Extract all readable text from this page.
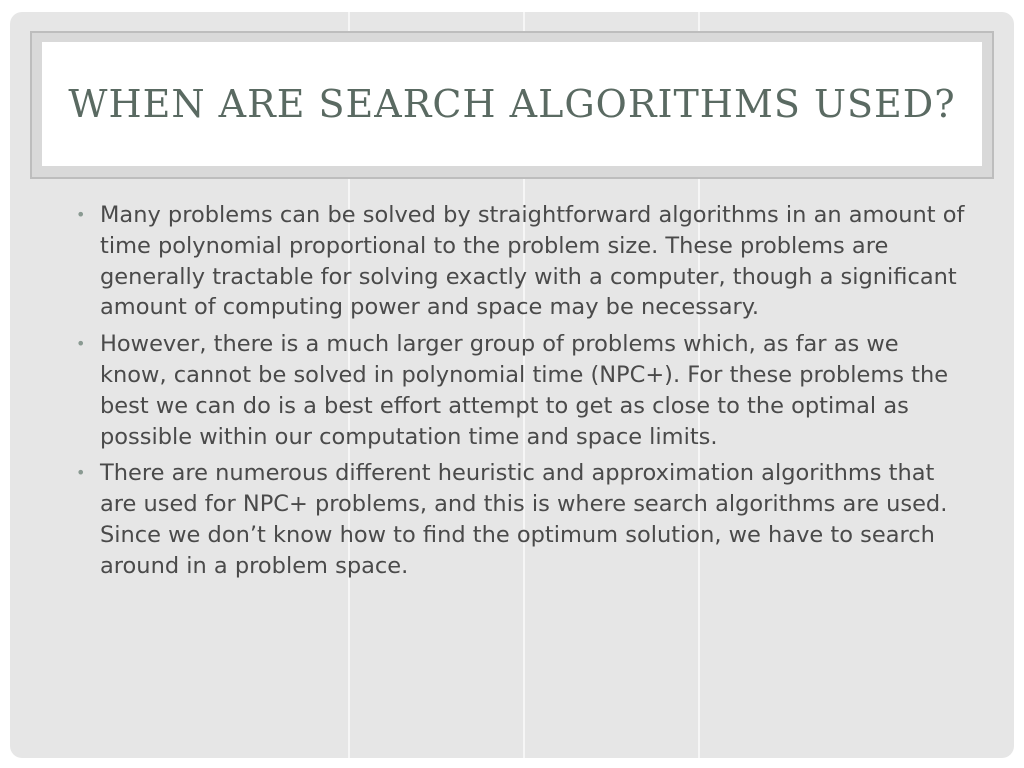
WHEN ARE SEARCH ALGORITHMS USED?
• Many problems can be solved by straightforward algorithms in an amount of time polynomial proportional to the problem size. These problems are generally tractable for solving exactly with a computer, though a significant amount of computing power and space may be necessary.
• However, there is a much larger group of problems which, as far as we know, cannot be solved in polynomial time (NPC+). For these problems the best we can do is a best effort attempt to get as close to the optimal as possible within our computation time and space limits.
• There are numerous different heuristic and approximation algorithms that are used for NPC+ problems, and this is where search algorithms are used. Since we don’t know how to find the optimum solution, we have to search around in a problem space.
